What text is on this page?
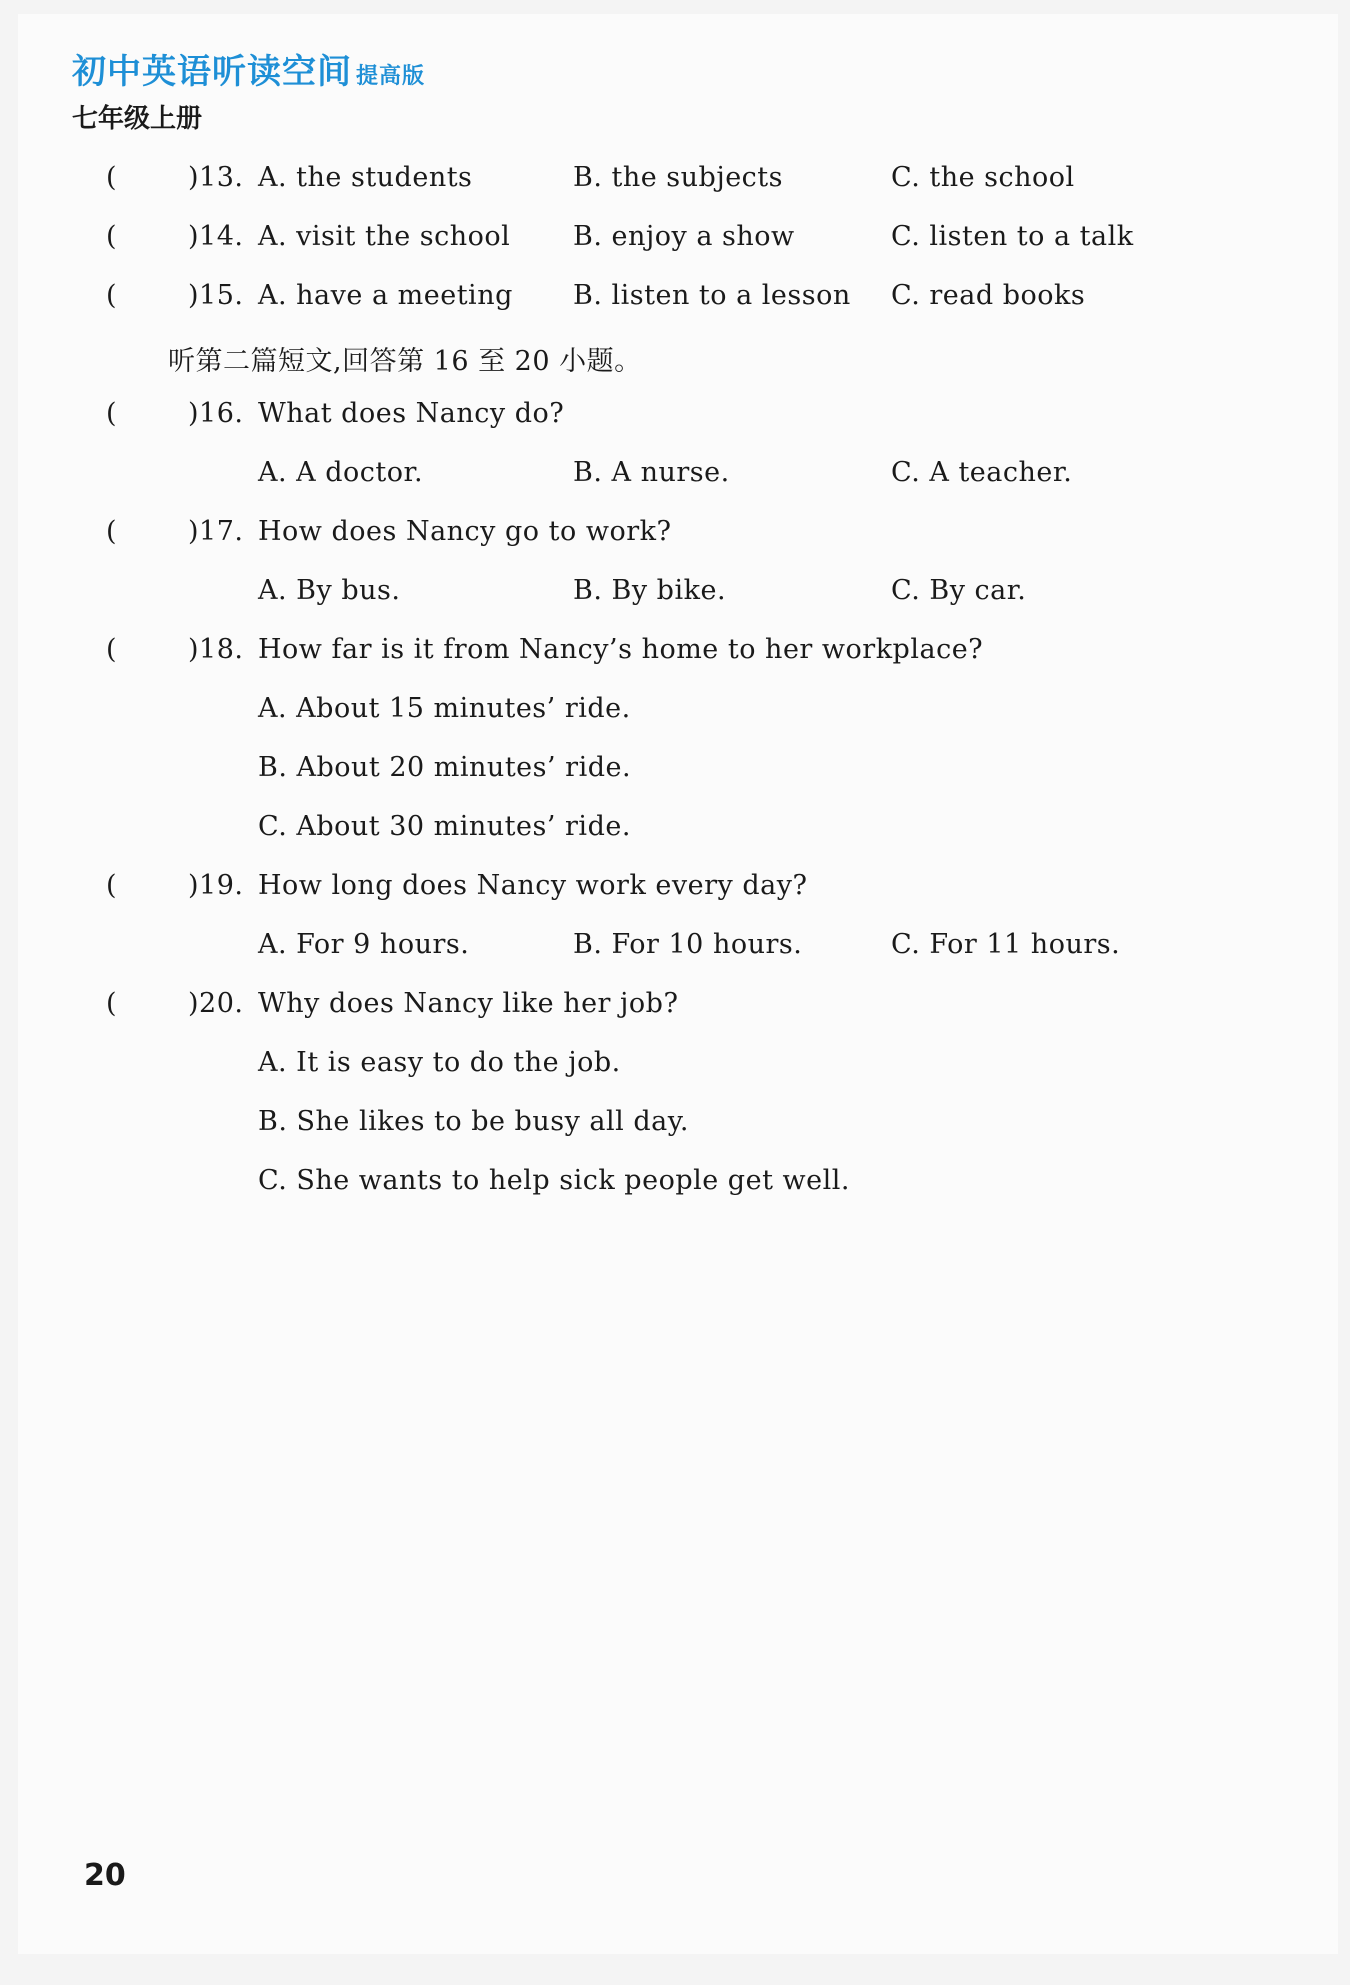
初中英语听读空间 提高版
七年级上册
(	)13. A. the students	B. the subjects	C. the school
(	)14. A. visit the school B. enjoy a show	C. listen to a talk
(	)15. A. have a meeting B. listen to a lesson C. read books
听第二篇短文,回答第 16 至 20 小题。
(	)16. What does Nancy do?
A. A doctor.	B. A nurse.	C. A teacher.
(	)17. How does Nancy go to work?
A. By bus.	B. By bike.	C. By car.
(	)18. How far is it from Nancy’s home to her workplace?
A. About 15 minutes’ ride.
B. About 20 minutes’ ride.
C. About 30 minutes’ ride.
(	)19. How long does Nancy work every day?
A. For 9 hours.	B. For 10 hours.	C. For 11 hours.
(	)20. Why does Nancy like her job?
A. It is easy to do the job.
B. She likes to be busy all day.
C. She wants to help sick people get well.
20
